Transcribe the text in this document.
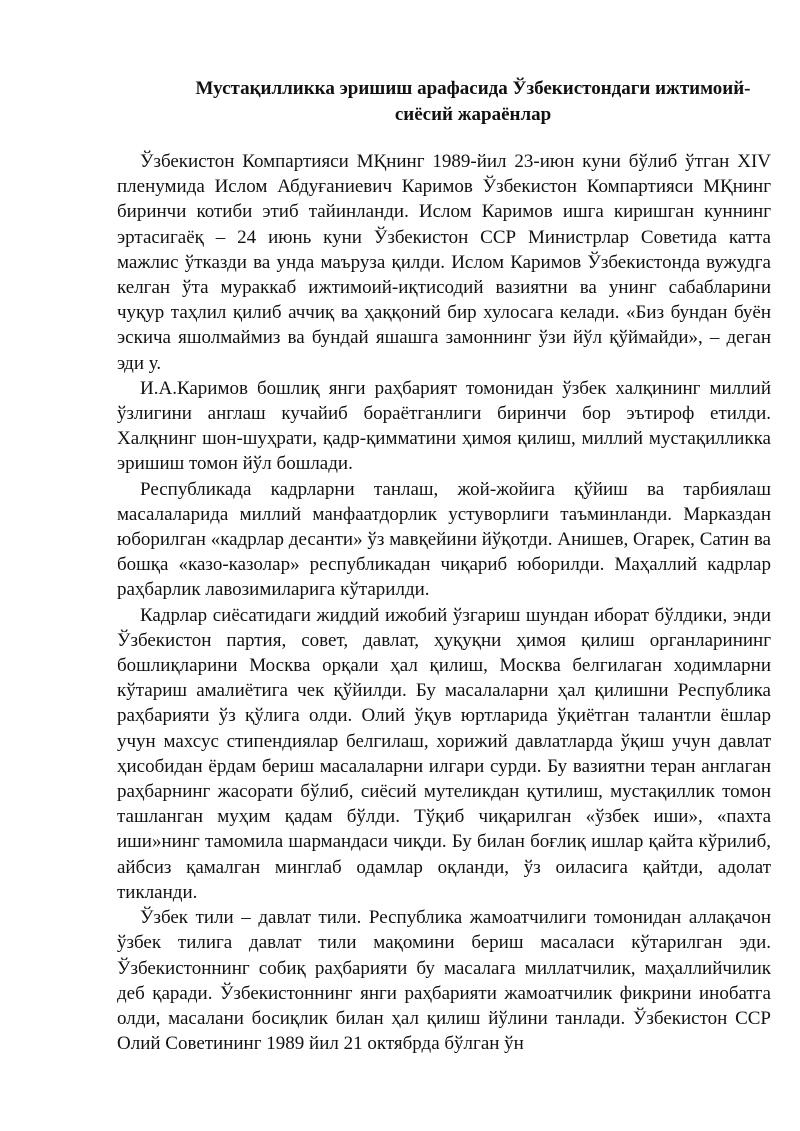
Мустақилликка эришиш арафасида Ўзбекистондаги ижтимоий-
сиёсий жараёнлар

Ўзбекистон Компартияси МҚнинг 1989-йил 23-июн куни бўлиб ўтган XIV пленумида Ислом Абдуғаниевич Каримов Ўзбекистон Компартияси МҚнинг биринчи котиби этиб тайинланди. Ислом Каримов ишга киришган куннинг эртасигаёқ – 24 июнь куни Ўзбекистон ССР Министрлар Советида катта мажлис ўтказди ва унда маъруза қилди. Ислом Каримов Ўзбекистонда вужудга келган ўта мураккаб ижтимоий-иқтисодий вазиятни ва унинг сабабларини чуқур таҳлил қилиб аччиқ ва ҳаққоний бир хулосага келади. «Биз бундан буён эскича яшолмаймиз ва бундай яшашга замоннинг ўзи йўл қўймайди», – деган эди у.

И.А.Каримов бошлиқ янги раҳбарият томонидан ўзбек халқининг миллий ўзлигини англаш кучайиб бораётганлиги биринчи бор эътироф етилди. Халқнинг шон-шуҳрати, қадр-қимматини ҳимоя қилиш, миллий мустақилликка эришиш томон йўл бошлади.

Республикада кадрларни танлаш, жой-жойига қўйиш ва тарбиялаш масалаларида миллий манфаатдорлик устуворлиги таъминланди. Марказдан юборилган «кадрлар десанти» ўз мавқейини йўқотди. Анишев, Огарек, Сатин ва бошқа «казо-казолар» республикадан чиқариб юборилди. Маҳаллий кадрлар раҳбарлик лавозимиларига кўтарилди.

Кадрлар сиёсатидаги жиддий ижобий ўзгариш шундан иборат бўлдики, энди Ўзбекистон партия, совет, давлат, ҳуқуқни ҳимоя қилиш органларининг бошлиқларини Москва орқали ҳал қилиш, Москва белгилаган ходимларни кўтариш амалиётига чек қўйилди. Бу масалаларни ҳал қилишни Республика раҳбарияти ўз қўлига олди. Олий ўқув юртларида ўқиётган талантли ёшлар учун махсус стипендиялар белгилаш, хорижий давлатларда ўқиш учун давлат ҳисобидан ёрдам бериш масалаларни илгари сурди. Бу вазиятни теран англаган раҳбарнинг жасорати бўлиб, сиёсий мутеликдан қутилиш, мустақиллик томон ташланган муҳим қадам бўлди. Тўқиб чиқарилган «ўзбек иши», «пахта иши»нинг тамомила шармандаси чиқди. Бу билан боғлиқ ишлар қайта кўрилиб, айбсиз қамалган минглаб одамлар оқланди, ўз оиласига қайтди, адолат тикланди.

Ўзбек тили – давлат тили. Республика жамоатчилиги томонидан аллақачон ўзбек тилига давлат тили мақомини бериш масаласи кўтарилган эди. Ўзбекистоннинг собиқ раҳбарияти бу масалага миллатчилик, маҳаллийчилик деб қаради. Ўзбекистоннинг янги раҳбарияти жамоатчилик фикрини инобатга олди, масалани босиқлик билан ҳал қилиш йўлини танлади. Ўзбекистон ССР Олий Советининг 1989 йил 21 октябрда бўлган ўн
